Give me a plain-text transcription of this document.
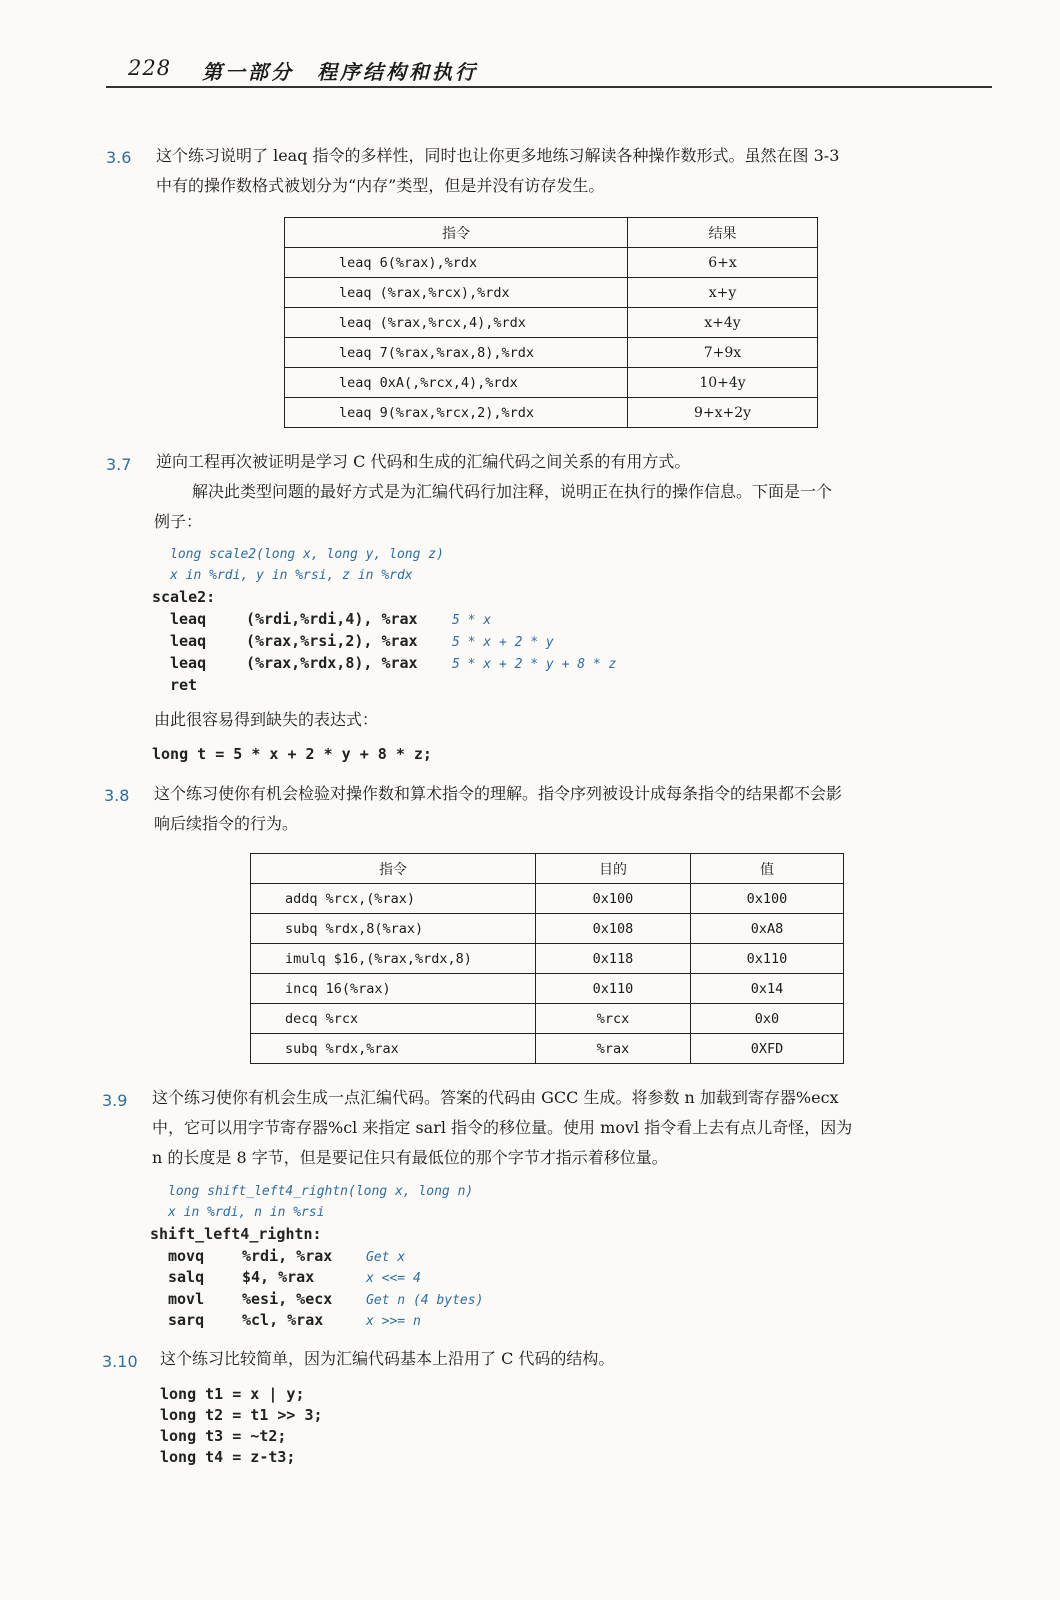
228 第一部分　程序结构和执行
3.6 这个练习说明了 leaq 指令的多样性，同时也让你更多地练习解读各种操作数形式。虽然在图 3-3
中有的操作数格式被划分为“内存”类型，但是并没有访存发生。
指令	结果
leaq 6(%rax),%rdx	6+x
leaq (%rax,%rcx),%rdx	x+y
leaq (%rax,%rcx,4),%rdx	x+4y
leaq 7(%rax,%rax,8),%rdx	7+9x
leaq 0xA(,%rcx,4),%rdx	10+4y
leaq 9(%rax,%rcx,2),%rdx	9+x+2y
3.7 逆向工程再次被证明是学习 C 代码和生成的汇编代码之间关系的有用方式。
解决此类型问题的最好方式是为汇编代码行加注释，说明正在执行的操作信息。下面是一个
例子：
long scale2(long x, long y, long z)
x in %rdi, y in %rsi, z in %rdx
scale2:
leaq	(%rdi,%rdi,4), %rax	5 * x
leaq	(%rax,%rsi,2), %rax	5 * x + 2 * y
leaq	(%rax,%rdx,8), %rax	5 * x + 2 * y + 8 * z
ret
由此很容易得到缺失的表达式：
long t = 5 * x + 2 * y + 8 * z;
3.8 这个练习使你有机会检验对操作数和算术指令的理解。指令序列被设计成每条指令的结果都不会影
响后续指令的行为。
指令	目的	值
addq %rcx,(%rax)	0x100	0x100
subq %rdx,8(%rax)	0x108	0xA8
imulq $16,(%rax,%rdx,8)	0x118	0x110
incq 16(%rax)	0x110	0x14
decq %rcx	%rcx	0x0
subq %rdx,%rax	%rax	0XFD
3.9 这个练习使你有机会生成一点汇编代码。答案的代码由 GCC 生成。将参数 n 加载到寄存器%ecx
中，它可以用字节寄存器%cl 来指定 sarl 指令的移位量。使用 movl 指令看上去有点儿奇怪，因为
n 的长度是 8 字节，但是要记住只有最低位的那个字节才指示着移位量。
long shift_left4_rightn(long x, long n)
x in %rdi, n in %rsi
shift_left4_rightn:
movq	%rdi, %rax	Get x
salq	$4, %rax	x <<= 4
movl	%esi, %ecx	Get n (4 bytes)
sarq	%cl, %rax	x >>= n
3.10 这个练习比较简单，因为汇编代码基本上沿用了 C 代码的结构。
long t1 = x | y;
long t2 = t1 >> 3;
long t3 = ~t2;
long t4 = z-t3;
